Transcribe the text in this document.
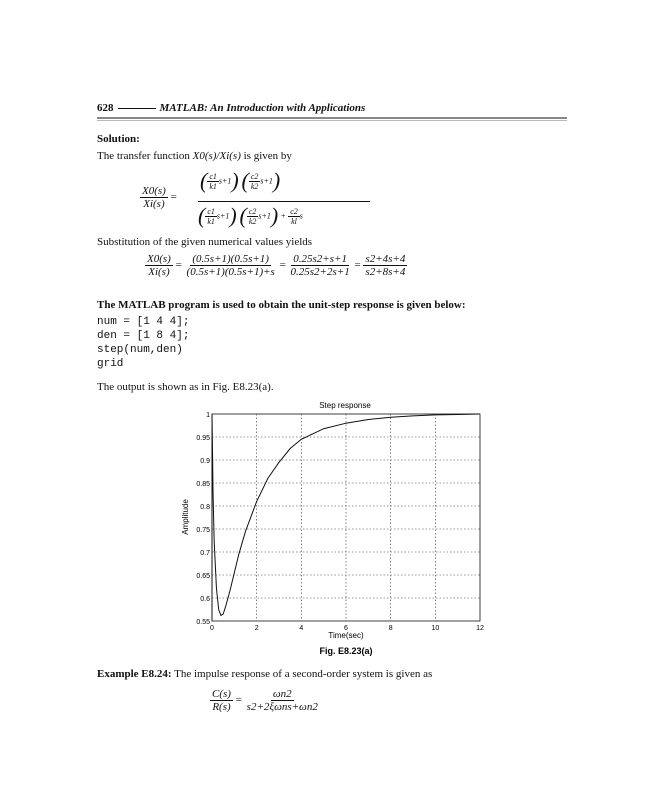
628	MATLAB: An Introduction with Applications
Solution:
The transfer function X0(s)/Xi(s) is given by
$\frac{X0(s)}{Xi(s)}$ =
( $\frac{c1}{k1} s+1$) ( $\frac{c2}{k2} s+1$)
( $\frac{c1}{k1} s+1$) ( $\frac{c2}{k2} s+1) + \frac{c2}{kl}$ s
Substitution of the given numerical values yields
$\frac{X0(s)}{Xi(s)} = \frac{(0.5s+1)(0.5s+1)}{(0.5s+1)(0.5s+1)+s} = \frac{0.25s2+s+1}{0.25s2+2s+1} = \frac{s2+4s+4}{s2+8s+4}$
The MATLAB program is used to obtain the unit-step response is given below:
num = [1 4 4];
den = [1 8 4];
step(num,den)
grid
The output is shown as in Fig. E8.23(a).
Step response
0.55
0.6
0.65
0.7
0.75
0.8
0.85
0.9
0.95
1
0	2	4	6	8	10	12
Time(sec)
Amplitude
Fig. E8.23(a)
Example E8.24: The impulse response of a second-order system is given as
$\frac{C(s)}{R(s)} = \frac{\omega n2}{\text{s2+2ξωns+ωn2}}$
